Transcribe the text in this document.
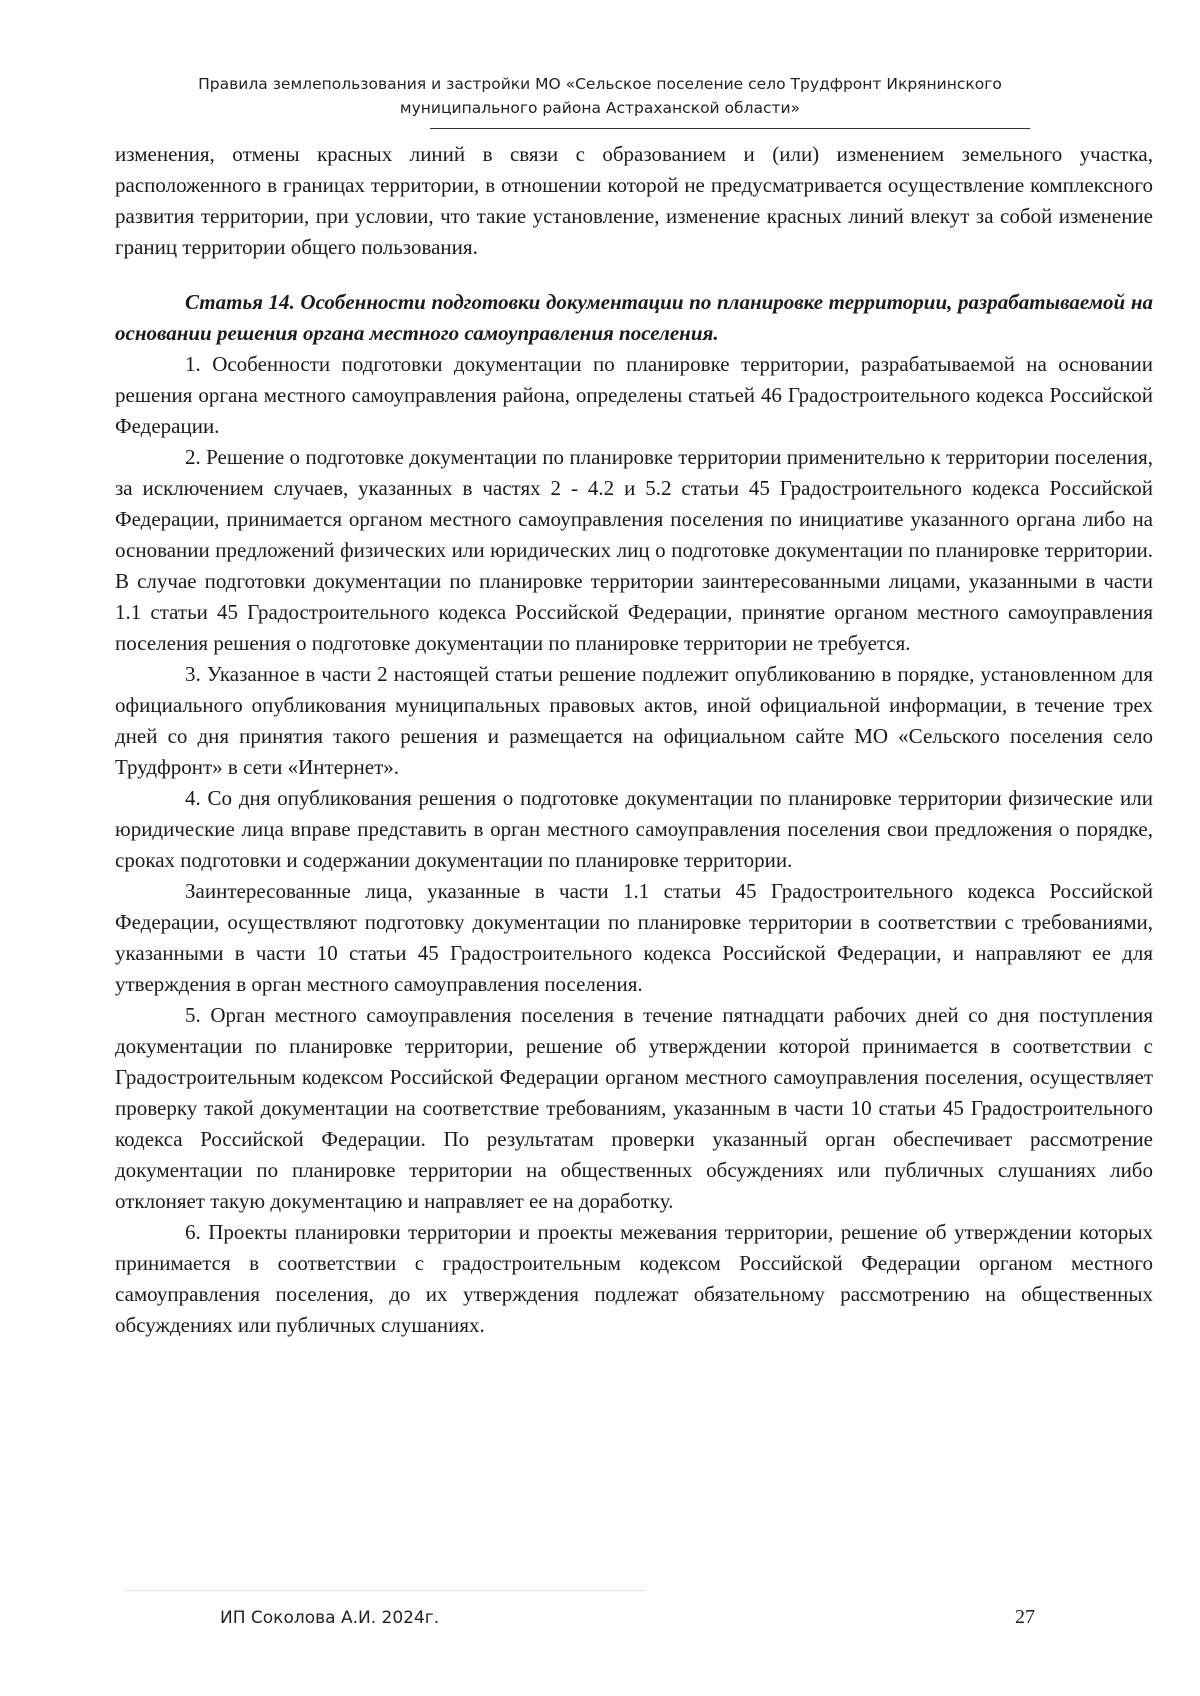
Правила землепользования и застройки МО «Сельское поселение село Трудфронт Икрянинского
муниципального района Астраханской области»

изменения, отмены красных линий в связи с образованием и (или) изменением земельного участка, расположенного в границах территории, в отношении которой не предусматривается осуществление комплексного развития территории, при условии, что такие установление, изменение красных линий влекут за собой изменение границ территории общего пользования.

Статья 14. Особенности подготовки документации по планировке территории, разрабатываемой на основании решения органа местного самоуправления поселения.

1. Особенности подготовки документации по планировке территории, разрабатываемой на основании решения органа местного самоуправления района, определены статьей 46 Градостроительного кодекса Российской Федерации.

2. Решение о подготовке документации по планировке территории применительно к территории поселения, за исключением случаев, указанных в частях 2 - 4.2 и 5.2 статьи 45 Градостроительного кодекса Российской Федерации, принимается органом местного самоуправления поселения по инициативе указанного органа либо на основании предложений физических или юридических лиц о подготовке документации по планировке территории. В случае подготовки документации по планировке территории заинтересованными лицами, указанными в части 1.1 статьи 45 Градостроительного кодекса Российской Федерации, принятие органом местного самоуправления поселения решения о подготовке документации по планировке территории не требуется.

3. Указанное в части 2 настоящей статьи решение подлежит опубликованию в порядке, установленном для официального опубликования муниципальных правовых актов, иной официальной информации, в течение трех дней со дня принятия такого решения и размещается на официальном сайте МО «Сельского поселения село Трудфронт» в сети «Интернет».

4. Со дня опубликования решения о подготовке документации по планировке территории физические или юридические лица вправе представить в орган местного самоуправления поселения свои предложения о порядке, сроках подготовки и содержании документации по планировке территории.

Заинтересованные лица, указанные в части 1.1 статьи 45 Градостроительного кодекса Российской Федерации, осуществляют подготовку документации по планировке территории в соответствии с требованиями, указанными в части 10 статьи 45 Градостроительного кодекса Российской Федерации, и направляют ее для утверждения в орган местного самоуправления поселения.

5. Орган местного самоуправления поселения в течение пятнадцати рабочих дней со дня поступления документации по планировке территории, решение об утверждении которой принимается в соответствии с Градостроительным кодексом Российской Федерации органом местного самоуправления поселения, осуществляет проверку такой документации на соответствие требованиям, указанным в части 10 статьи 45 Градостроительного кодекса Российской Федерации. По результатам проверки указанный орган обеспечивает рассмотрение документации по планировке территории на общественных обсуждениях или публичных слушаниях либо отклоняет такую документацию и направляет ее на доработку.

6. Проекты планировки территории и проекты межевания территории, решение об утверждении которых принимается в соответствии с градостроительным кодексом Российской Федерации органом местного самоуправления поселения, до их утверждения подлежат обязательному рассмотрению на общественных обсуждениях или публичных слушаниях.

ИП Соколова А.И. 2024г.	27
